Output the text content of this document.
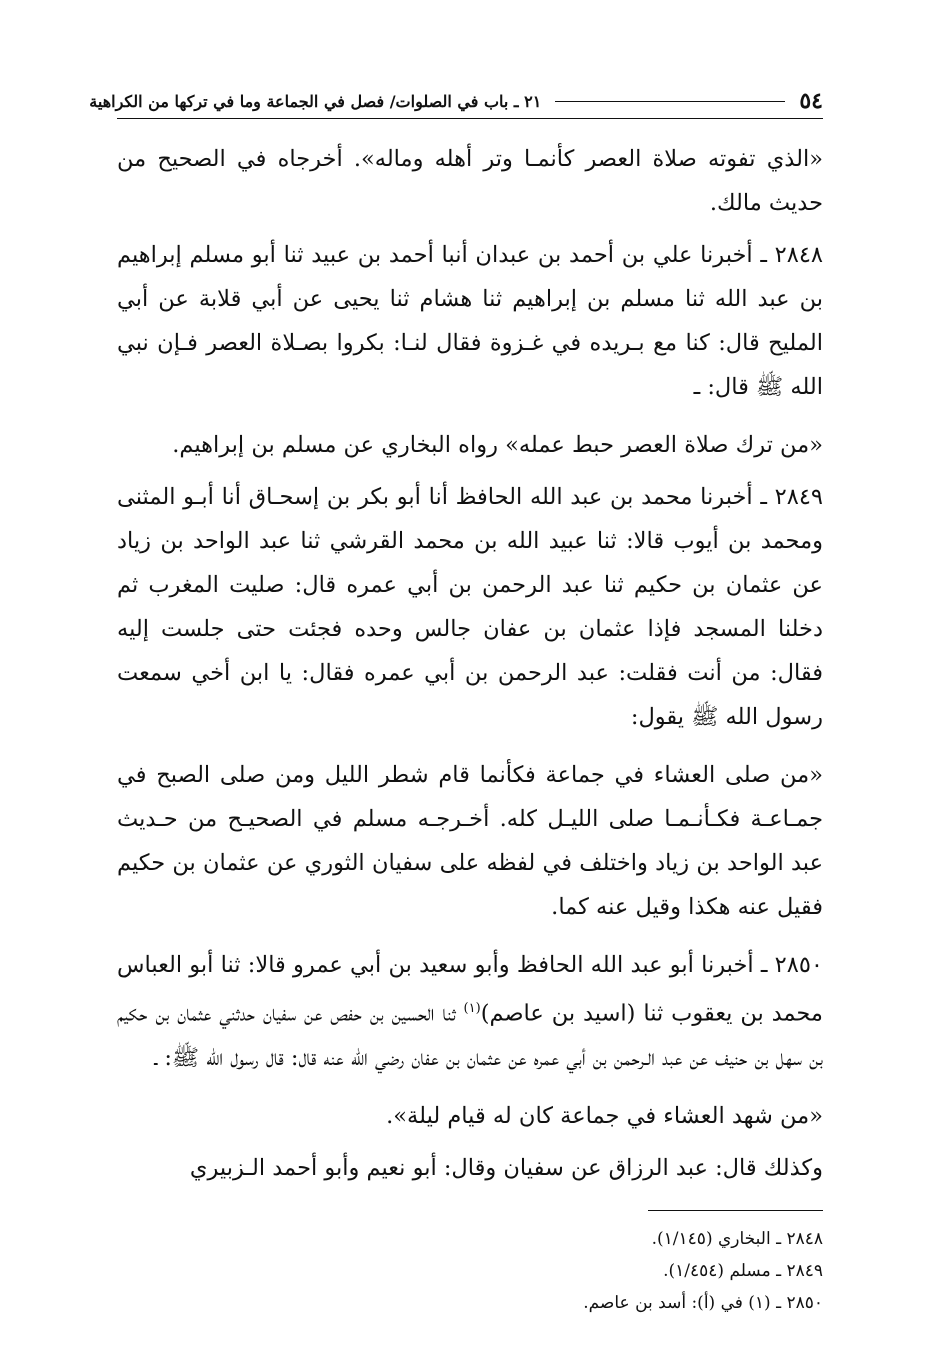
٥٤
٢١ ـ باب في الصلوات/ فصل في الجماعة وما في تركها من الكراهية

«الذي تفوته صلاة العصر كأنمـا وتر أهله وماله». أخرجاه في الصحيح من حديث مالك.

٢٨٤٨ ـ أخبرنا علي بن أحمد بن عبدان أنبا أحمد بن عبيد ثنا أبو مسلم إبراهيم بن عبد الله ثنا مسلم بن إبراهيم ثنا هشام ثنا يحيى عن أبي قلابة عن أبي المليح قال: كنا مع بـريده في غـزوة فقال لنـا: بكروا بصـلاة العصر فـإن نبي الله ﷺ قال: ـ

«من ترك صلاة العصر حبط عمله» رواه البخاري عن مسلم بن إبراهيم.

٢٨٤٩ ـ أخبرنا محمد بن عبد الله الحافظ أنا أبو بكر بن إسحـاق أنا أبـو المثنى ومحمد بن أيوب قالا: ثنا عبيد الله بن محمد القرشي ثنا عبد الواحد بن زياد عن عثمان بن حكيم ثنا عبد الرحمن بن أبي عمره قال: صليت المغرب ثم دخلنا المسجد فإذا عثمان بن عفان جالس وحده فجئت حتى جلست إليه فقال: من أنت فقلت: عبد الرحمن بن أبي عمره فقال: يا ابن أخي سمعت رسول الله ﷺ يقول:

«من صلى العشاء في جماعة فكأنما قام شطر الليل ومن صلى الصبح في جمـاعـة فكـأنـمـا صلى الليـل كله. أخـرجـه مسلم في الصحيـح من حـديث عبد الواحد بن زياد واختلف في لفظه على سفيان الثوري عن عثمان بن حكيم فقيل عنه هكذا وقيل عنه كما.

٢٨٥٠ ـ أخبرنا أبو عبد الله الحافظ وأبو سعيد بن أبي عمرو قالا: ثنا أبو العباس محمد بن يعقوب ثنا (اسيد بن عاصم)$^{(١)}$ ثنا الحسين بن حفص عن سفيان حدثني عثمان بن حكيم بن سهل بن حنيف عن عبد الـرحمن بن أبي عمره عن عثمان بن عفان رضي الله عنه قال: قال رسول الله ﷺ: ـ

«من شهد العشاء في جماعة كان له قيام ليلة».

وكذلك قال: عبد الرزاق عن سفيان وقال: أبو نعيم وأبو أحمد الـزبيري

٢٨٤٨ ـ البخاري (١/١٤٥).
٢٨٤٩ ـ مسلم (١/٤٥٤).
٢٨٥٠ ـ (١) في (أ): أسد بن عاصم.
